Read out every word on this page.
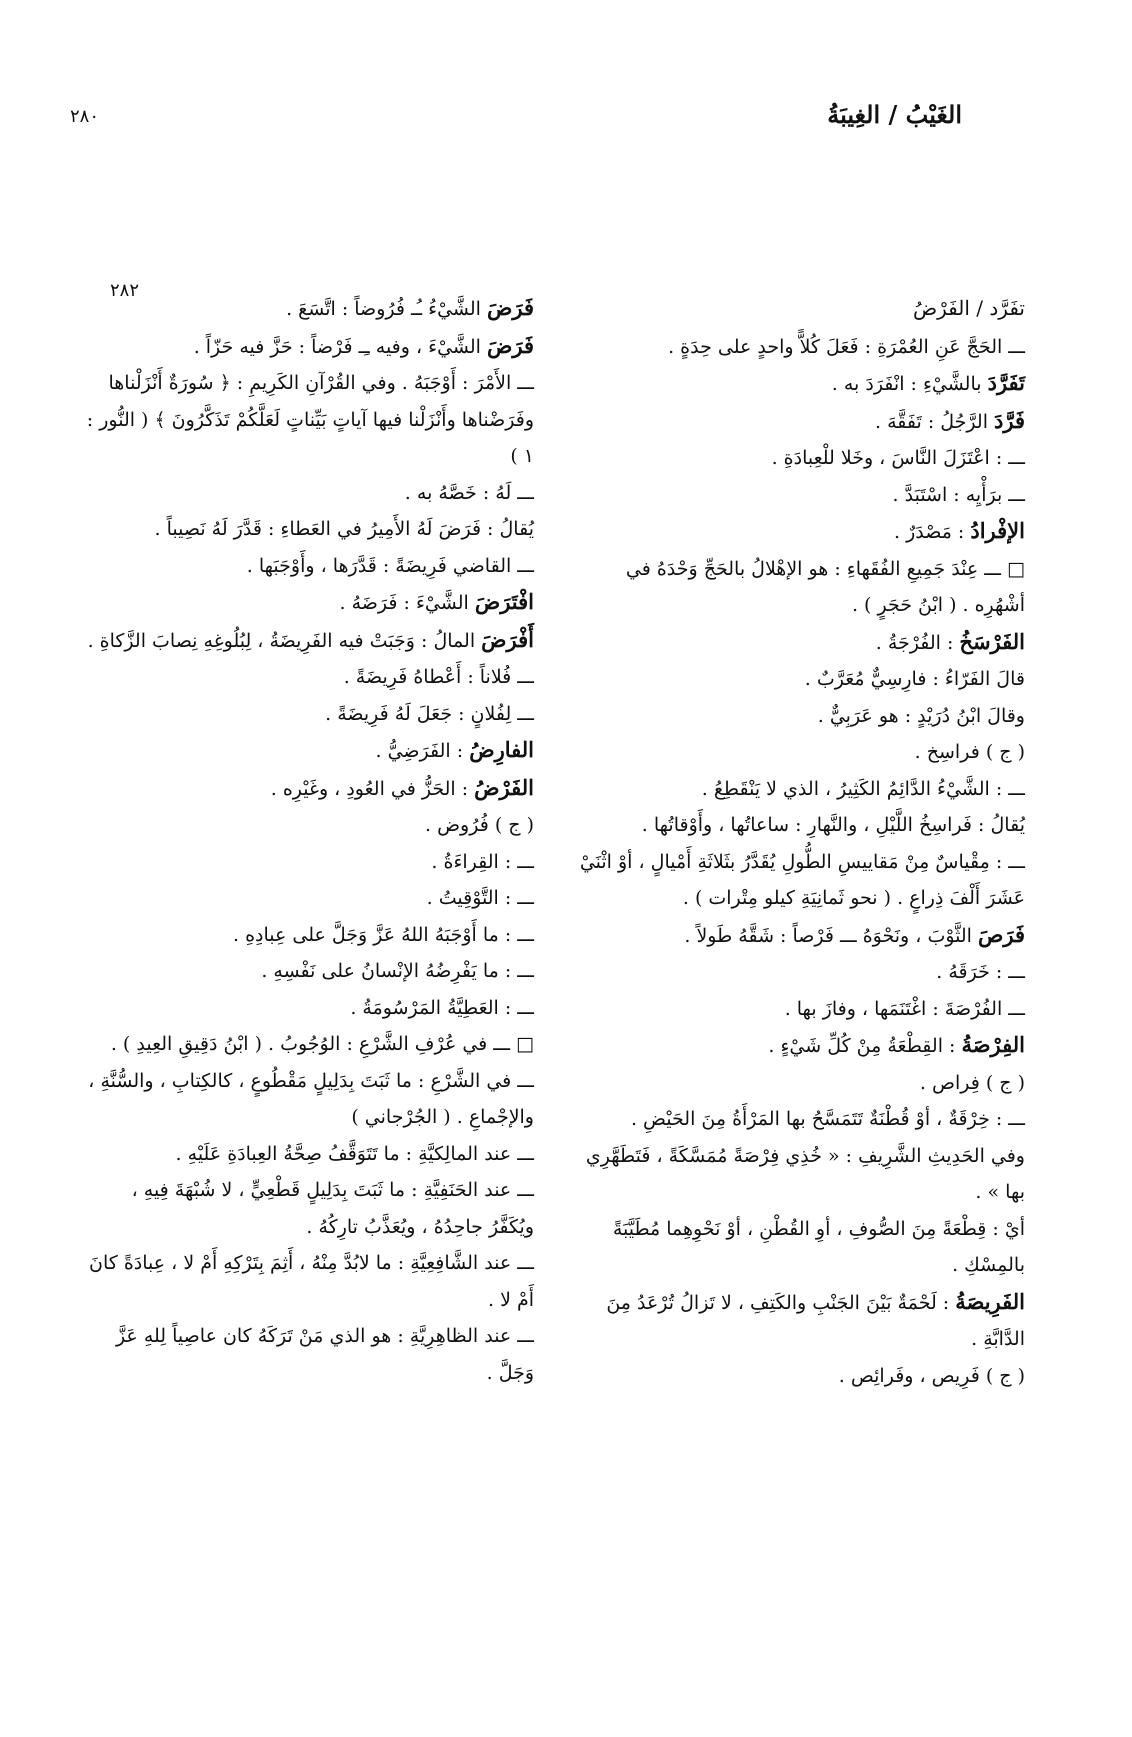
الغَيْبُ / الغِيبَةُ
٢٨٠
٢٨٢
تفَرَّد / الفَرْضُ

ـــ الحَجَّ عَنِ العُمْرَةِ : فَعَلَ كُلاًّ واحدٍ على حِدَةٍ .

تَفَرَّدَ بالشَّيْءِ : انْفَرَدَ به .

فَرَّدَ الرَّجُلُ : تَفَقَّهَ .

ـــ : اعْتَزَلَ النَّاسَ ، وخَلا للْعِبادَةِ .

ـــ برَأْيِه : اسْتَبَدَّ .

الإفْرادُ : مَصْدَرٌ .

□ ـــ عِنْدَ جَمِيعِ الفُقَهاءِ : هو الإهْلالُ بالحَجِّ وَحْدَهُ في أشْهُرِه . ( ابْنُ حَجَرٍ ) .

الفَرْسَخُ : الفُرْجَةُ .

قالَ الفَرّاءُ : فارِسِيٌّ مُعَرَّبٌ .

وقالَ ابْنُ دُرَيْدٍ : هو عَرَبِيٌّ .

( ج ) فراسِخ .

ـــ : الشَّيْءُ الدَّائِمُ الكَثِيرُ ، الذي لا يَنْقَطِعُ .

يُقالُ : فَراسِخُ اللَّيْلِ ، والنَّهارِ : ساعاتُها ، وأَوْقاتُها .

ـــ : مِقْياسٌ مِنْ مَقاييسِ الطُّولِ يُقَدَّرُ بثَلاثَةِ أَمْيالٍ ، أوْ اثْنَيْ عَشَرَ أَلْفَ ذِراعٍ . ( نحو ثَمانِيَةِ كيلو مِتْرات ) .

فَرَصَ الثَّوْبَ ، ونَحْوَهُ ـــ فَرْصاً : شَقَّهُ طَولاً .

ـــ : خَرَقَهُ .

ـــ الفُرْصَةَ : اغْتَنَمَها ، وفازَ بها .

الفِرْصَةُ : القِطْعَةُ مِنْ كُلِّ شَيْءٍ .

( ج ) فِراص .

ـــ : خِرْقَةٌ ، أوْ قُطْنَةٌ تَتَمَسَّحُ بها المَرْأَةُ مِنَ الحَيْضِ .

وفي الحَدِيثِ الشَّرِيفِ : « خُذِي فِرْصَةً مُمَسَّكَةً ، فَتَطَهَّرِي بها » .

أيْ : قِطْعَةً مِنَ الصُّوفِ ، أوِ القُطْنِ ، أوْ نَحْوِهِما مُطَيَّبَةً بالمِسْكِ .

الفَرِيصَةُ : لَحْمَةٌ بَيْنَ الجَنْبِ والكَتِفِ ، لا تَزالُ تُرْعَدُ مِنَ الدَّابَّةِ .

( ج ) فَرِيص ، وفَرائِص .

فَرَضَ الشَّيْءُ ـُـ فُرُوضاً : اتَّسَعَ .

فَرَضَ الشَّيْءَ ، وفيه ـِـ فَرْضاً : حَزَّ فيه حَزّاً .

ـــ الأَمْرَ : أَوْجَبَهُ . وفي القُرْآنِ الكَرِيمِ : ﴿ سُورَةٌ أَنْزَلْناها وفَرَضْناها وأَنْزَلْنا فيها آياتٍ بَيِّناتٍ لَعَلَّكُمْ تَذَكَّرُونَ ﴾ ( النُّور : ١ )

ـــ لَهُ : خَصَّهُ به .

يُقالُ : فَرَضَ لَهُ الأَمِيرُ في العَطاءِ : قَدَّرَ لَهُ نَصِيباً .

ـــ القاضي فَرِيضَةً : قَدَّرَها ، وأَوْجَبَها .

افْتَرَضَ الشَّيْءَ : فَرَضَهُ .

أَفْرَضَ المالُ : وَجَبَتْ فيه الفَرِيضَةُ ، لِبُلُوغِهِ نِصابَ الزَّكاةِ .

ـــ فُلاناً : أَعْطاهُ فَرِيضَةً .

ـــ لِفُلانٍ : جَعَلَ لَهُ فَرِيضَةً .

الفارِضُ : الفَرَضِيُّ .

الفَرْضُ : الحَزُّ في العُودِ ، وغَيْرِه .

( ج ) فُرُوض .

ـــ : القِراءَةُ .

ـــ : التَّوْقِيتُ .

ـــ : ما أَوْجَبَهُ اللهُ عَزَّ وَجَلَّ على عِبادِهِ .

ـــ : ما يَفْرِضُهُ الإنْسانُ على نَفْسِهِ .

ـــ : العَطِيَّةُ المَرْسُومَةُ .

□ ـــ في عُرْفِ الشَّرْعِ : الوُجُوبُ . ( ابْنُ دَقِيقِ العِيدِ ) .

ـــ في الشَّرْعِ : ما ثَبَتَ بِدَلِيلٍ مَقْطُوعٍ ، كالكِتابِ ، والسُّنَّةِ ، والإجْماعِ . ( الجُرْجاني )

ـــ عند المالِكيَّةِ : ما تَتَوَقَّفُ صِحَّةُ العِبادَةِ عَلَيْهِ .

ـــ عند الحَنَفِيَّةِ : ما ثَبَتَ بِدَلِيلٍ قَطْعِيٍّ ، لا شُبْهَةَ فِيهِ ، ويُكَفَّرُ جاحِدُهُ ، ويُعَذَّبُ تارِكُهُ .

ـــ عند الشَّافِعِيَّةِ : ما لابُدَّ مِنْهُ ، أَثِمَ بِتَرْكِهِ أَمْ لا ، عِبادَةً كانَ أَمْ لا .

ـــ عند الظاهِرِيَّةِ : هو الذي مَنْ تَرَكَهُ كان عاصِياً لِلهِ عَزَّ وَجَلَّ .
